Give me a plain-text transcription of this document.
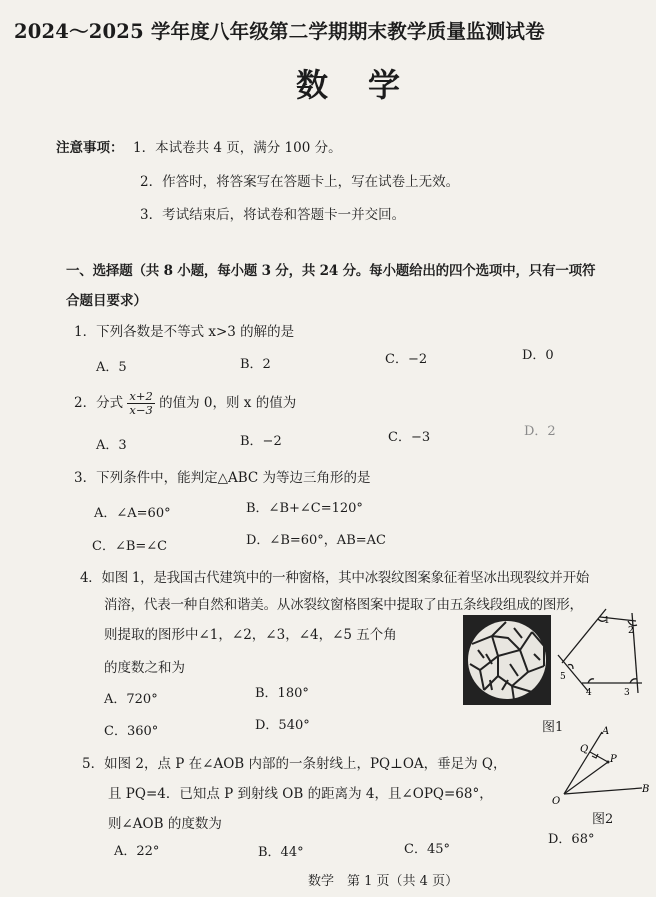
2024～2025 学年度八年级第二学期期末教学质量监测试卷
数学
注意事项： 1．本试卷共 4 页，满分 100 分。
2．作答时，将答案写在答题卡上，写在试卷上无效。
3．考试结束后，将试卷和答题卡一并交回。
一、选择题（共 8 小题，每小题 3 分，共 24 分。每小题给出的四个选项中，只有一项符
合题目要求）
1．下列各数是不等式 x>3 的解的是
A．5	B．2	C．−2	D．0
2．分式 $\frac{x+2}{x-3}$ 的值为 0，则 x 的值为
A．3	B．−2	C．−3	D．2
3．下列条件中，能判定△ABC 为等边三角形的是
A．∠A=60°	B．∠B+∠C=120°
C．∠B=∠C	D．∠B=60°，AB=AC
4．如图 1，是我国古代建筑中的一种窗格，其中冰裂纹图案象征着坚冰出现裂纹并开始
消溶，代表一种自然和谐美。从冰裂纹窗格图案中提取了由五条线段组成的图形，
则提取的图形中∠1，∠2，∠3，∠4，∠5 五个角
的度数之和为
A．720°	B．180°
C．360°	D．540°
1
2
3
4
5
图1
5．如图 2，点 P 在∠AOB 内部的一条射线上，PQ⊥OA，垂足为 Q，
且 PQ=4．已知点 P 到射线 OB 的距离为 4，且∠OPQ=68°，
则∠AOB 的度数为
A．22°	B．44°	C．45°
D．68°
A
Q
P
O
B
图2
数学　第 1 页（共 4 页）
